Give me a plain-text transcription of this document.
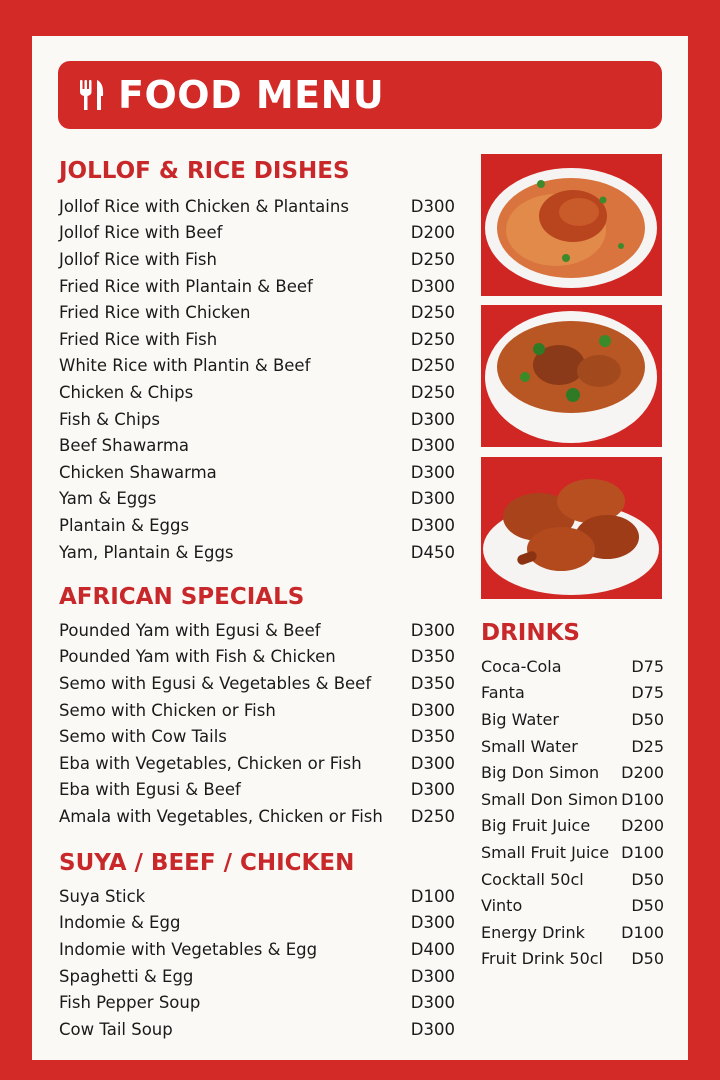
FOOD MENU
JOLLOF & RICE DISHES
Jollof Rice with Chicken & Plantains	D300
Jollof Rice with Beef	D200
Jollof Rice with Fish	D250
Fried Rice with Plantain & Beef	D300
Fried Rice with Chicken	D250
Fried Rice with Fish	D250
White Rice with Plantin & Beef	D250
Chicken & Chips	D250
Fish & Chips	D300
Beef Shawarma	D300
Chicken Shawarma	D300
Yam & Eggs	D300
Plantain & Eggs	D300
Yam, Plantain & Eggs	D450
AFRICAN SPECIALS
Pounded Yam with Egusi & Beef	D300
Pounded Yam with Fish & Chicken	D350
Semo with Egusi & Vegetables & Beef D350
Semo with Chicken or Fish	D300
Semo with Cow Tails	D350
Eba with Vegetables, Chicken or Fish	D300
Eba with Egusi & Beef	D300
Amala with Vegetables, Chicken or Fish D250
SUYA / BEEF / CHICKEN
Suya Stick	D100
Indomie & Egg	D300
Indomie with Vegetables & Egg	D400
Spaghetti & Egg	D300
Fish Pepper Soup	D300
Cow Tail Soup	D300
DRINKS
Coca-Cola	D75
Fanta	D75
Big Water	D50
Small Water	D25
Big Don Simon D200
Small Don Simon D100
Big Fruit Juice D200
Small Fruit Juice D100
Cocktall 50cl	D50
Vinto	D50
Energy Drink D100
Fruit Drink 50cl D50
